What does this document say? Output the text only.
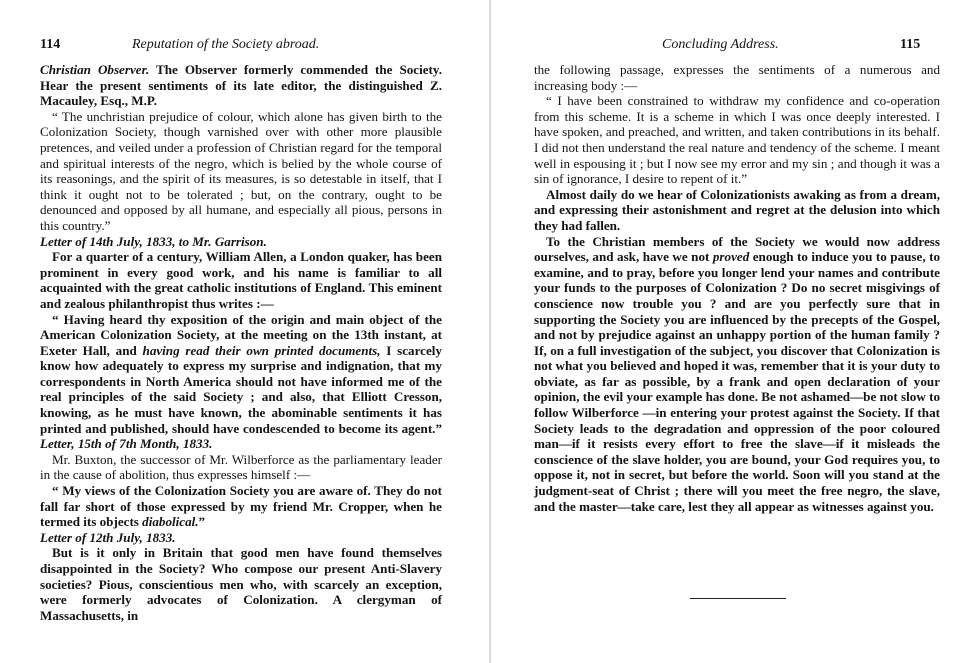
114	Reputation of the Society abroad.

Christian Observer. The Observer formerly commended the Society. Hear the present sentiments of its late editor, the distinguished Z. Macauley, Esq., M.P.

“ The unchristian prejudice of colour, which alone has given birth to the Colonization Society, though varnished over with other more plausible pretences, and veiled under a profession of Christian regard for the temporal and spiritual interests of the negro, which is belied by the whole course of its reasonings, and the spirit of its measures, is so detestable in itself, that I think it ought not to be tolerated ; but, on the contrary, ought to be denounced and opposed by all humane, and especially all pious, persons in this country.”

Letter of 14th July, 1833, to Mr. Garrison.

For a quarter of a century, William Allen, a London quaker, has been prominent in every good work, and his name is familiar to all acquainted with the great catholic institutions of England. This eminent and zealous philanthropist thus writes :—

“ Having heard thy exposition of the origin and main object of the American Colonization Society, at the meeting on the 13th instant, at Exeter Hall, and having read their own printed documents, I scarcely know how adequately to express my surprise and indignation, that my correspondents in North America should not have informed me of the real principles of the said Society ; and also, that Elliott Cresson, knowing, as he must have known, the abominable sentiments it has printed and published, should have condescended to become its agent.” Letter, 15th of 7th Month, 1833.

Mr. Buxton, the successor of Mr. Wilberforce as the parliamentary leader in the cause of abolition, thus expresses himself :—

“ My views of the Colonization Society you are aware of. They do not fall far short of those expressed by my friend Mr. Cropper, when he termed its objects diabolical.”

Letter of 12th July, 1833.

But is it only in Britain that good men have found themselves disappointed in the Society? Who compose our present Anti-Slavery societies? Pious, conscientious men who, with scarcely an exception, were formerly advocates of Colonization. A clergyman of Massachusetts, in

Concluding Address.	115

the following passage, expresses the sentiments of a numerous and increasing body :—

“ I have been constrained to withdraw my confidence and co-operation from this scheme. It is a scheme in which I was once deeply interested. I have spoken, and preached, and written, and taken contributions in its behalf. I did not then understand the real nature and tendency of the scheme. I meant well in espousing it ; but I now see my error and my sin ; and though it was a sin of ignorance, I desire to repent of it.”

Almost daily do we hear of Colonizationists awaking as from a dream, and expressing their astonishment and regret at the delusion into which they had fallen.

To the Christian members of the Society we would now address ourselves, and ask, have we not proved enough to induce you to pause, to examine, and to pray, before you longer lend your names and contribute your funds to the purposes of Colonization ? Do no secret misgivings of conscience now trouble you ? and are you perfectly sure that in supporting the Society you are influenced by the precepts of the Gospel, and not by prejudice against an unhappy portion of the human family ? If, on a full investigation of the subject, you discover that Colonization is not what you believed and hoped it was, remember that it is your duty to obviate, as far as possible, by a frank and open declaration of your opinion, the evil your example has done. Be not ashamed—be not slow to follow Wilberforce —in entering your protest against the Society. If that Society leads to the degradation and oppression of the poor coloured man—if it resists every effort to free the slave—if it misleads the conscience of the slave holder, you are bound, your God requires you, to oppose it, not in secret, but before the world. Soon will you stand at the judgment-seat of Christ ; there will you meet the free negro, the slave, and the master—take care, lest they all appear as witnesses against you.
